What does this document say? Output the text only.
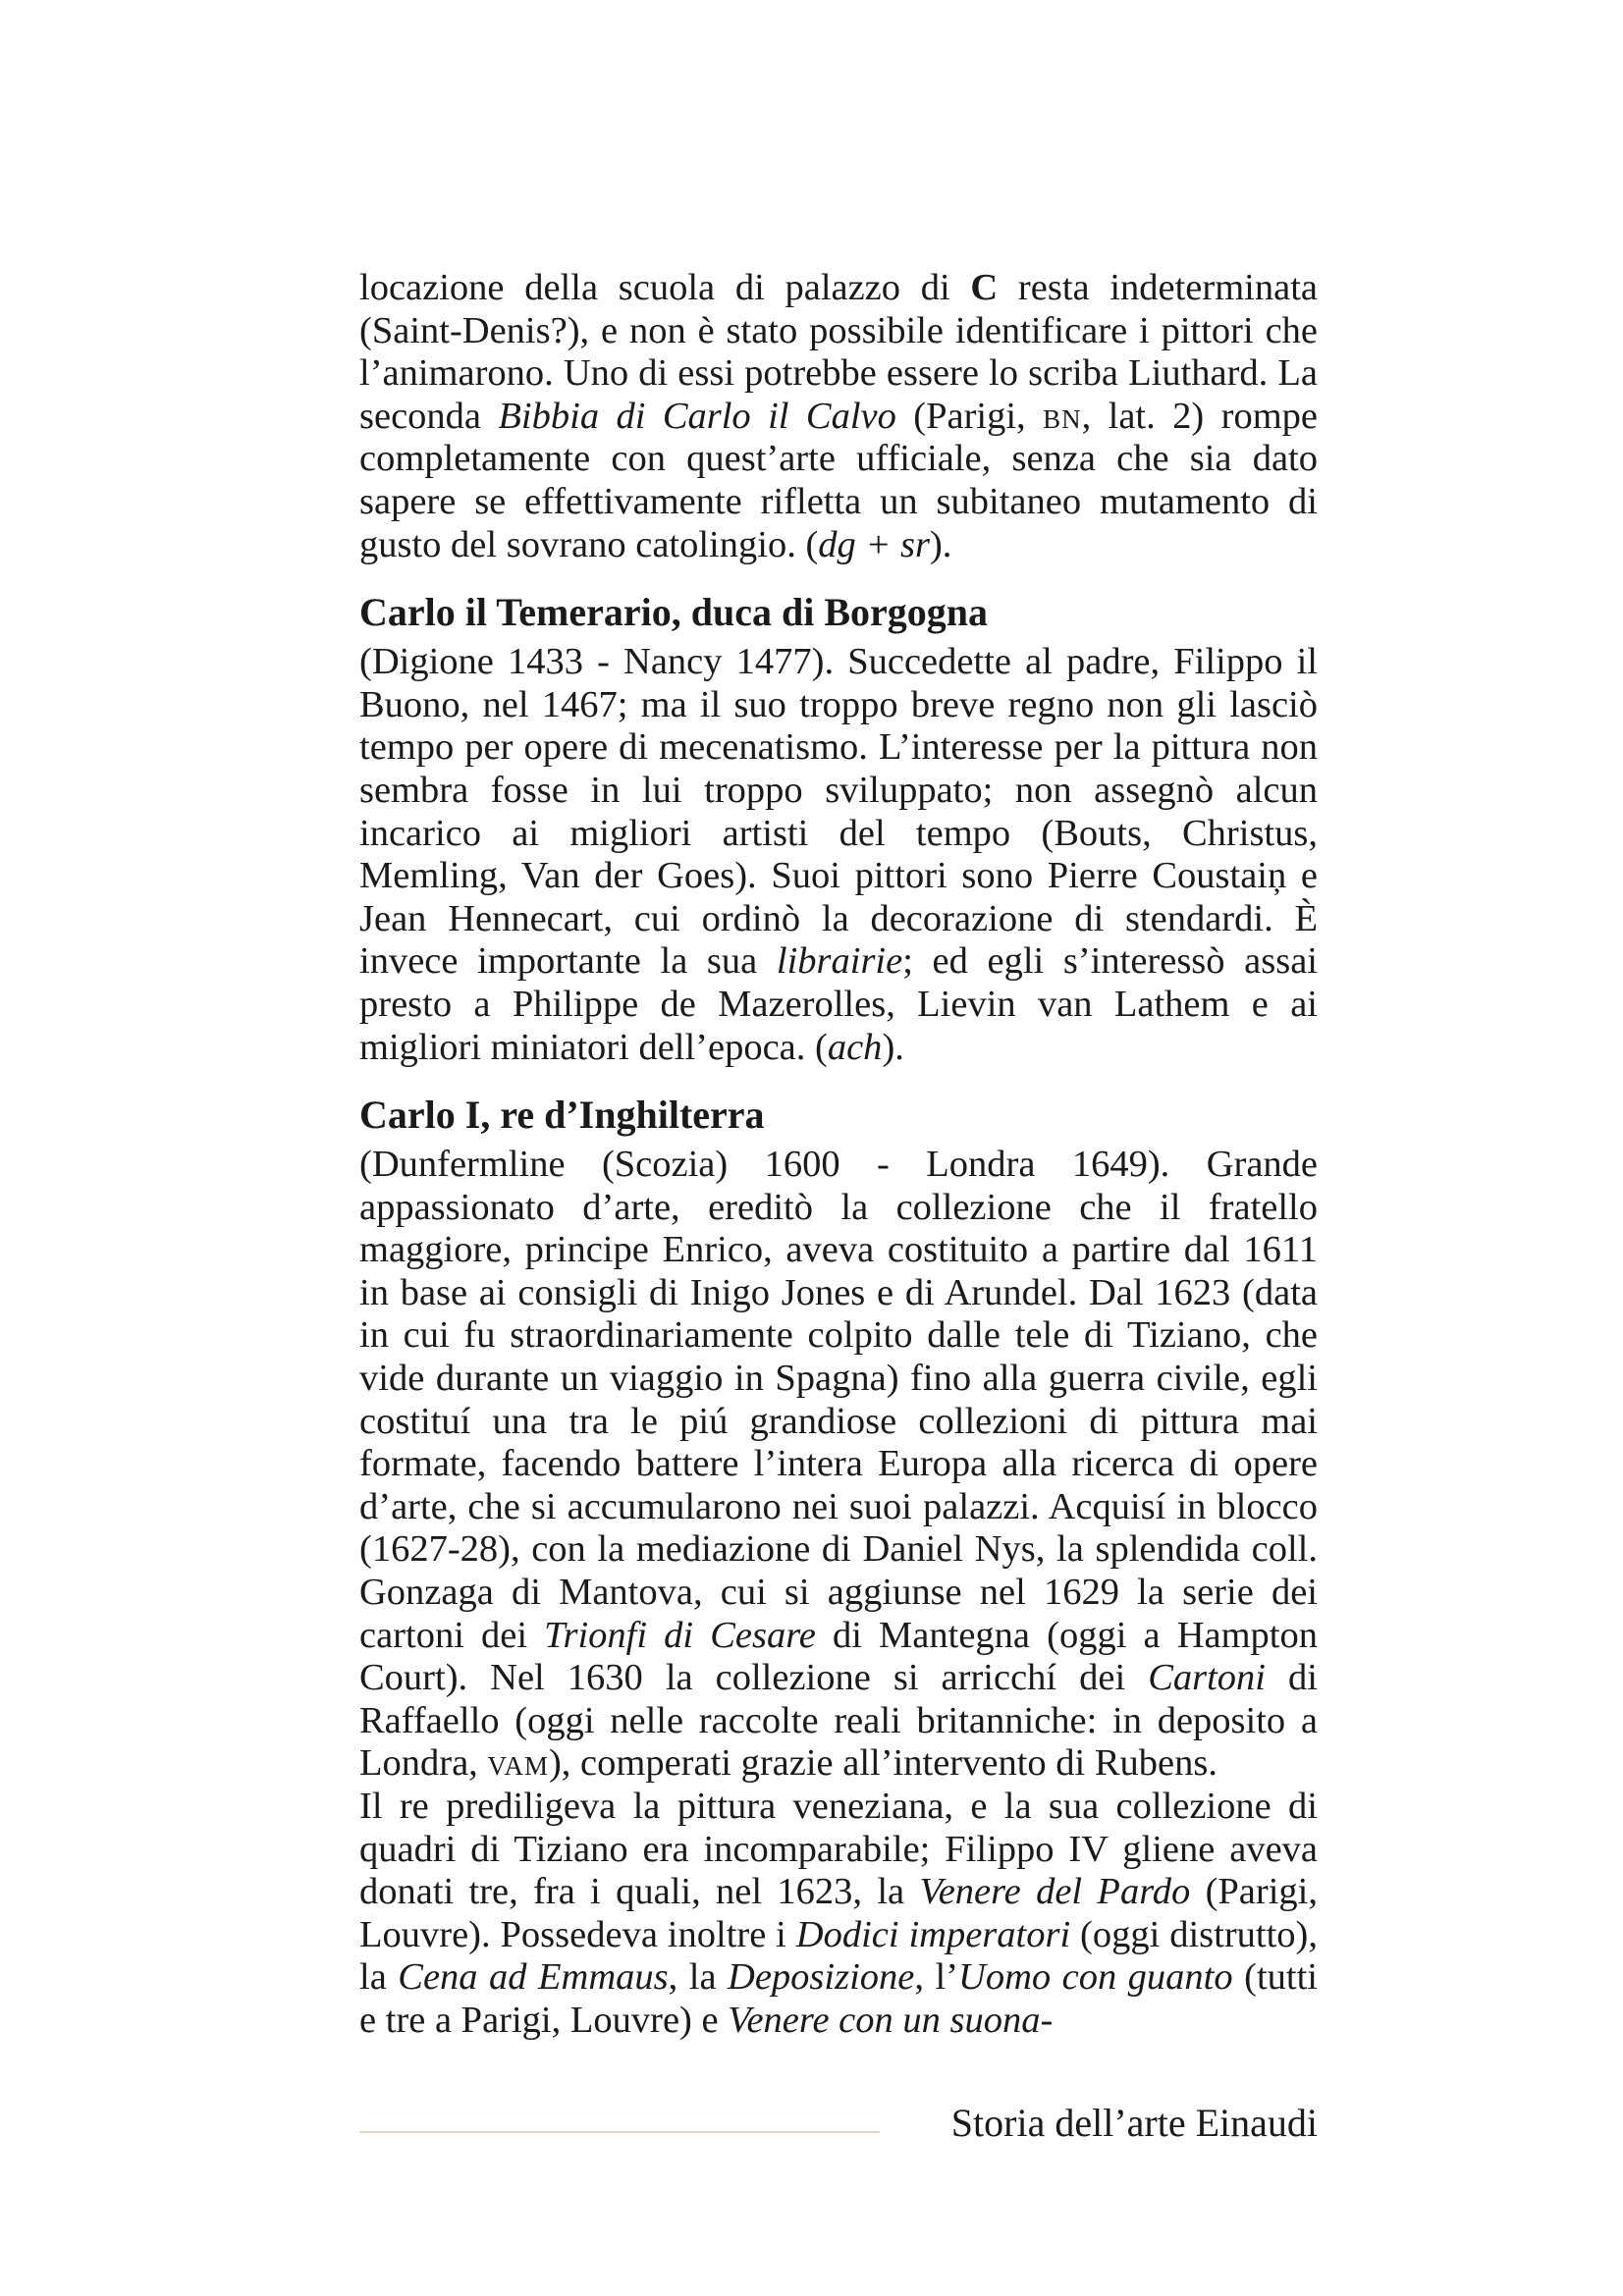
locazione della scuola di palazzo di C resta indeterminata (Saint-Denis?), e non è stato possibile identificare i pittori che l’animarono. Uno di essi potrebbe essere lo scriba Liuthard. La seconda Bibbia di Carlo il Calvo (Parigi, bn, lat. 2) rompe completamente con quest’arte ufficiale, senza che sia dato sapere se effettivamente rifletta un subitaneo mutamento di gusto del sovrano catolingio. (dg + sr).

Carlo il Temerario, duca di Borgogna

(Digione 1433 - Nancy 1477). Succedette al padre, Filippo il Buono, nel 1467; ma il suo troppo breve regno non gli lasciò tempo per opere di mecenatismo. L’interesse per la pittura non sembra fosse in lui troppo sviluppato; non assegnò alcun incarico ai migliori artisti del tempo (Bouts, Christus, Memling, Van der Goes). Suoi pittori sono Pierre Coustaiņ e Jean Hennecart, cui ordinò la decorazione di stendardi. È invece importante la sua librairie; ed egli s’interessò assai presto a Philippe de Mazerolles, Lievin van Lathem e ai migliori miniatori dell’epoca. (ach).

Carlo I, re d’Inghilterra

(Dunfermline (Scozia) 1600 - Londra 1649). Grande appassionato d’arte, ereditò la collezione che il fratello maggiore, principe Enrico, aveva costituito a partire dal 1611 in base ai consigli di Inigo Jones e di Arundel. Dal 1623 (data in cui fu straordinariamente colpito dalle tele di Tiziano, che vide durante un viaggio in Spagna) fino alla guerra civile, egli costituí una tra le piú grandiose collezioni di pittura mai formate, facendo battere l’intera Europa alla ricerca di opere d’arte, che si accumularono nei suoi palazzi. Acquisí in blocco (1627-28), con la mediazione di Daniel Nys, la splendida coll. Gonzaga di Mantova, cui si aggiunse nel 1629 la serie dei cartoni dei Trionfi di Cesare di Mantegna (oggi a Hampton Court). Nel 1630 la collezione si arricchí dei Cartoni di Raffaello (oggi nelle raccolte reali britanniche: in deposito a Londra, vam), comperati grazie all’intervento di Rubens.

Il re prediligeva la pittura veneziana, e la sua collezione di quadri di Tiziano era incomparabile; Filippo IV gliene aveva donati tre, fra i quali, nel 1623, la Venere del Pardo (Parigi, Louvre). Possedeva inoltre i Dodici imperatori (oggi distrutto), la Cena ad Emmaus, la Deposizione, l’Uomo con guanto (tutti e tre a Parigi, Louvre) e Venere con un suona-

Storia dell’arte Einaudi
